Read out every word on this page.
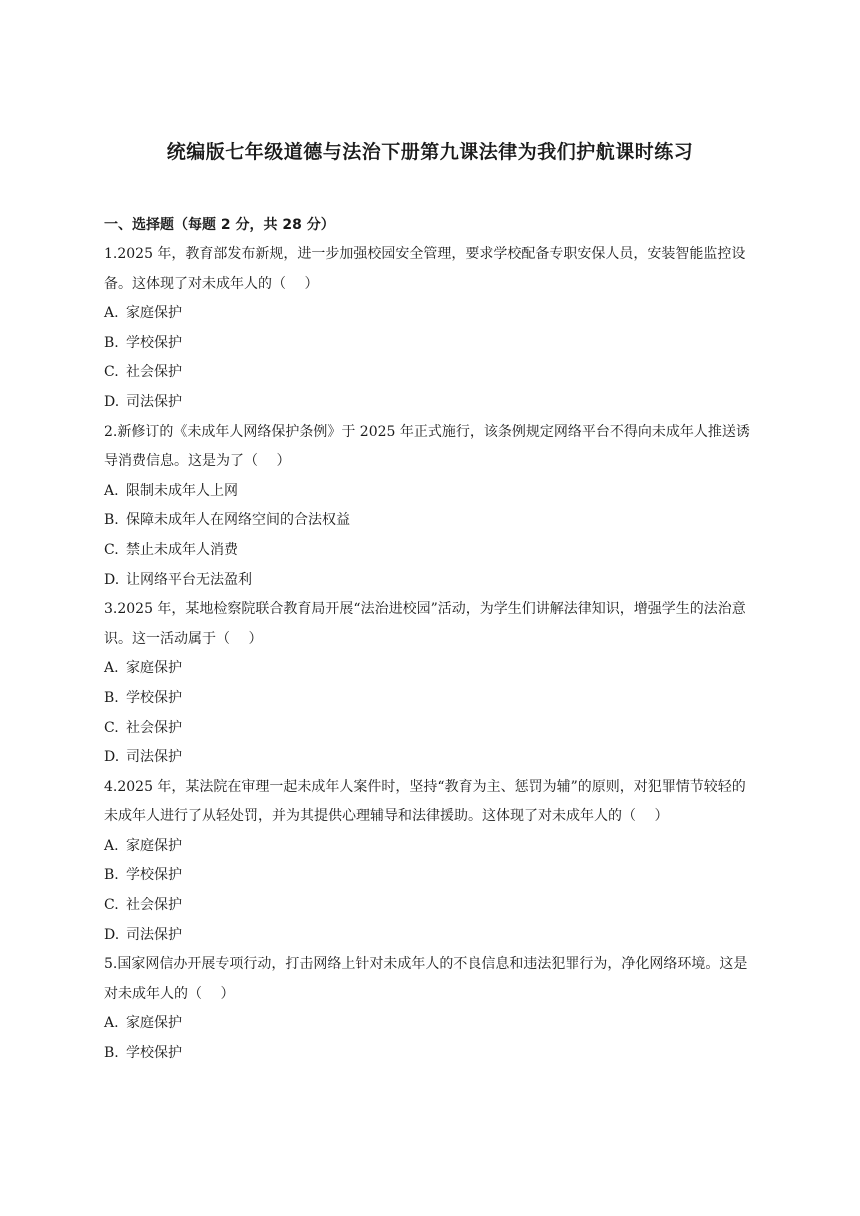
统编版七年级道德与法治下册第九课法律为我们护航课时练习
一、选择题（每题 2 分，共 28 分）

1.2025 年，教育部发布新规，进一步加强校园安全管理，要求学校配备专职安保人员，安装智能监控设备。这体现了对未成年人的（　 ）

A. 家庭保护

B. 学校保护

C. 社会保护

D. 司法保护

2.新修订的《未成年人网络保护条例》于 2025 年正式施行，该条例规定网络平台不得向未成年人推送诱导消费信息。这是为了（　 ）

A. 限制未成年人上网

B. 保障未成年人在网络空间的合法权益

C. 禁止未成年人消费

D. 让网络平台无法盈利

3.2025 年，某地检察院联合教育局开展“法治进校园”活动，为学生们讲解法律知识，增强学生的法治意识。这一活动属于（　 ）

A. 家庭保护

B. 学校保护

C. 社会保护

D. 司法保护

4.2025 年，某法院在审理一起未成年人案件时，坚持“教育为主、惩罚为辅”的原则，对犯罪情节较轻的未成年人进行了从轻处罚，并为其提供心理辅导和法律援助。这体现了对未成年人的（　 ）

A. 家庭保护

B. 学校保护

C. 社会保护

D. 司法保护

5.国家网信办开展专项行动，打击网络上针对未成年人的不良信息和违法犯罪行为，净化网络环境。这是对未成年人的（　 ）

A. 家庭保护

B. 学校保护
